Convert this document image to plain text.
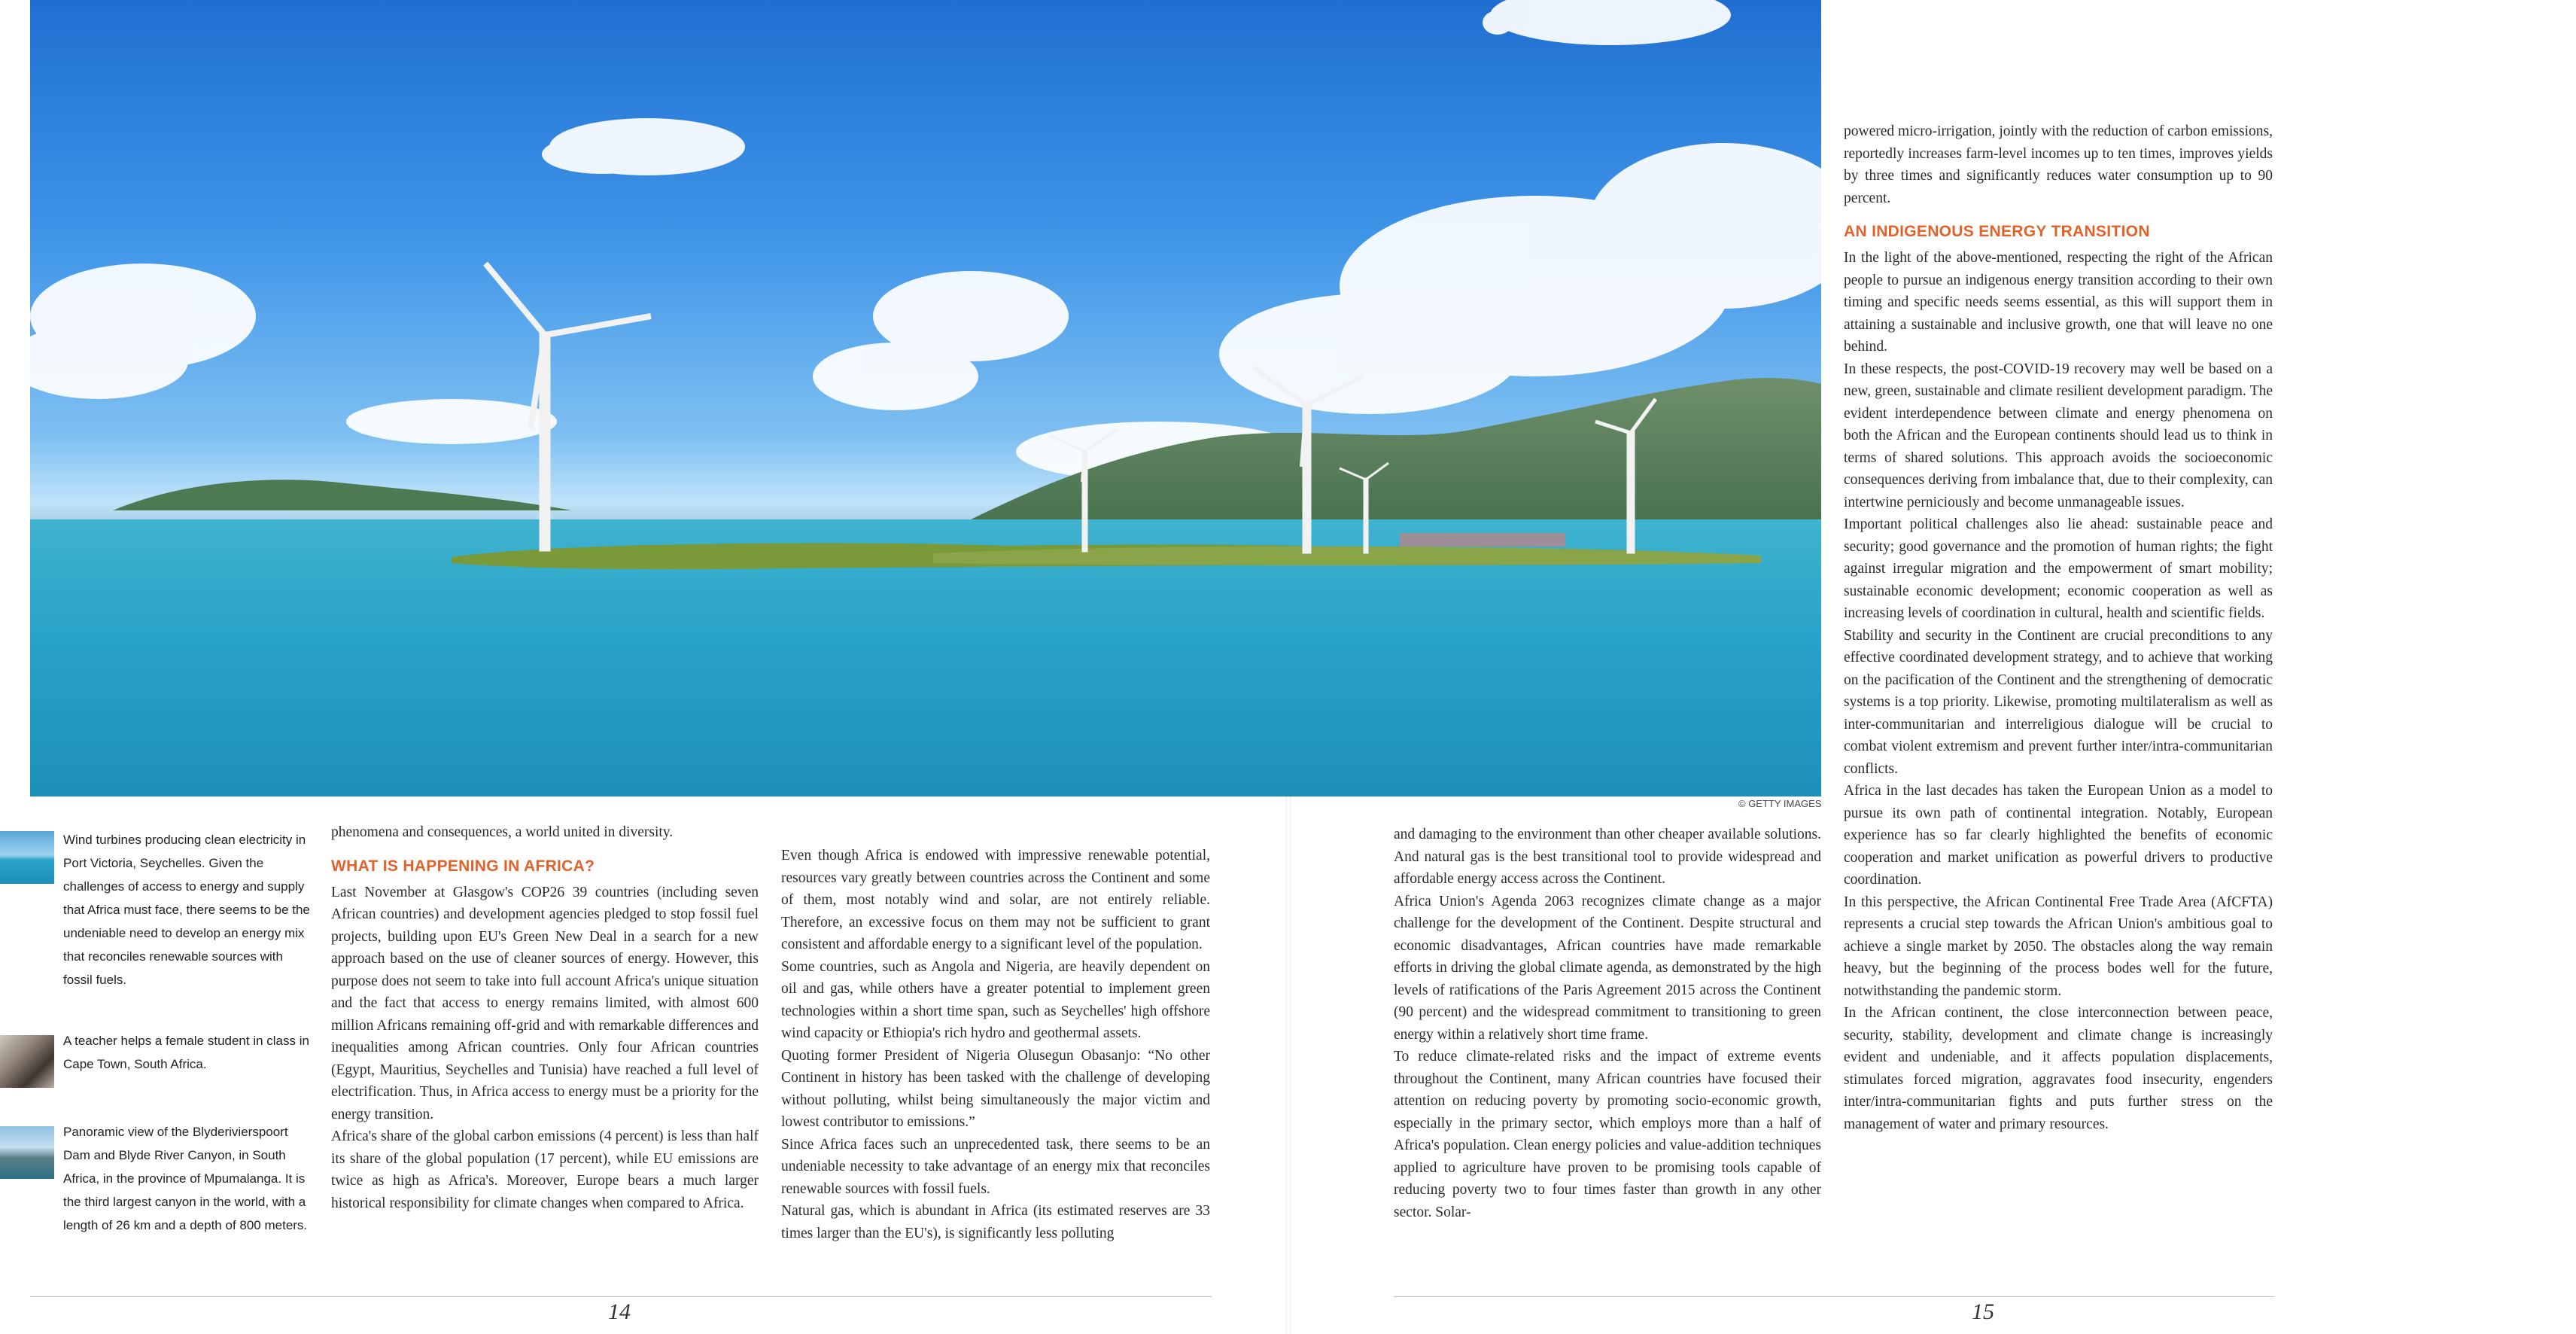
© GETTY IMAGES
Wind turbines producing clean electricity in Port Victoria, Seychelles. Given the challenges of access to energy and supply that Africa must face, there seems to be the undeniable need to develop an energy mix that reconciles renewable sources with fossil fuels.
A teacher helps a female student in class in Cape Town, South Africa.
Panoramic view of the Blyderivierspoort Dam and Blyde River Canyon, in South Africa, in the province of Mpumalanga. It is the third largest canyon in the world, with a length of 26 km and a depth of 800 meters.

phenomena and consequences, a world united in diversity.

WHAT IS HAPPENING IN AFRICA?

Last November at Glasgow's COP26 39 countries (including seven African countries) and development agencies pledged to stop fossil fuel projects, building upon EU's Green New Deal in a search for a new approach based on the use of cleaner sources of energy. However, this purpose does not seem to take into full account Africa's unique situation and the fact that access to energy remains limited, with almost 600 million Africans remaining off-grid and with remarkable differences and inequalities among African countries. Only four African countries (Egypt, Mauritius, Seychelles and Tunisia) have reached a full level of electrification. Thus, in Africa access to energy must be a priority for the energy transition.

Africa's share of the global carbon emissions (4 percent) is less than half its share of the global population (17 percent), while EU emissions are twice as high as Africa's. Moreover, Europe bears a much larger historical responsibility for climate changes when compared to Africa.

Even though Africa is endowed with impressive renewable potential, resources vary greatly between countries across the Continent and some of them, most notably wind and solar, are not entirely reliable. Therefore, an excessive focus on them may not be sufficient to grant consistent and affordable energy to a significant level of the population.

Some countries, such as Angola and Nigeria, are heavily dependent on oil and gas, while others have a greater potential to implement green technologies within a short time span, such as Seychelles' high offshore wind capacity or Ethiopia's rich hydro and geothermal assets.

Quoting former President of Nigeria Olusegun Obasanjo: “No other Continent in history has been tasked with the challenge of developing without polluting, whilst being simultaneously the major victim and lowest contributor to emissions.”

Since Africa faces such an unprecedented task, there seems to be an undeniable necessity to take advantage of an energy mix that reconciles renewable sources with fossil fuels.

Natural gas, which is abundant in Africa (its estimated reserves are 33 times larger than the EU's), is significantly less polluting

and damaging to the environment than other cheaper available solutions. And natural gas is the best transitional tool to provide widespread and affordable energy access across the Continent.

Africa Union's Agenda 2063 recognizes climate change as a major challenge for the development of the Continent. Despite structural and economic disadvantages, African countries have made remarkable efforts in driving the global climate agenda, as demonstrated by the high levels of ratifications of the Paris Agreement 2015 across the Continent (90 percent) and the widespread commitment to transitioning to green energy within a relatively short time frame.

To reduce climate-related risks and the impact of extreme events throughout the Continent, many African countries have focused their attention on reducing poverty by promoting socio-economic growth, especially in the primary sector, which employs more than a half of Africa's population. Clean energy policies and value-addition techniques applied to agriculture have proven to be promising tools capable of reducing poverty two to four times faster than growth in any other sector. Solar-

powered micro-irrigation, jointly with the reduction of carbon emissions, reportedly increases farm-level incomes up to ten times, improves yields by three times and significantly reduces water consumption up to 90 percent.

AN INDIGENOUS ENERGY TRANSITION

In the light of the above-mentioned, respecting the right of the African people to pursue an indigenous energy transition according to their own timing and specific needs seems essential, as this will support them in attaining a sustainable and inclusive growth, one that will leave no one behind.

In these respects, the post-COVID-19 recovery may well be based on a new, green, sustainable and climate resilient development paradigm. The evident interdependence between climate and energy phenomena on both the African and the European continents should lead us to think in terms of shared solutions. This approach avoids the socioeconomic consequences deriving from imbalance that, due to their complexity, can intertwine perniciously and become unmanageable issues.

Important political challenges also lie ahead: sustainable peace and security; good governance and the promotion of human rights; the fight against irregular migration and the empowerment of smart mobility; sustainable economic development; economic cooperation as well as increasing levels of coordination in cultural, health and scientific fields.

Stability and security in the Continent are crucial preconditions to any effective coordinated development strategy, and to achieve that working on the pacification of the Continent and the strengthening of democratic systems is a top priority. Likewise, promoting multilateralism as well as inter-communitarian and interreligious dialogue will be crucial to combat violent extremism and prevent further inter/intra-communitarian conflicts.

Africa in the last decades has taken the European Union as a model to pursue its own path of continental integration. Notably, European experience has so far clearly highlighted the benefits of economic cooperation and market unification as powerful drivers to productive coordination.

In this perspective, the African Continental Free Trade Area (AfCFTA) represents a crucial step towards the African Union's ambitious goal to achieve a single market by 2050. The obstacles along the way remain heavy, but the beginning of the process bodes well for the future, notwithstanding the pandemic storm.

In the African continent, the close interconnection between peace, security, stability, development and climate change is increasingly evident and undeniable, and it affects population displacements, stimulates forced migration, aggravates food insecurity, engenders inter/intra-communitarian fights and puts further stress on the management of water and primary resources.

14	15
